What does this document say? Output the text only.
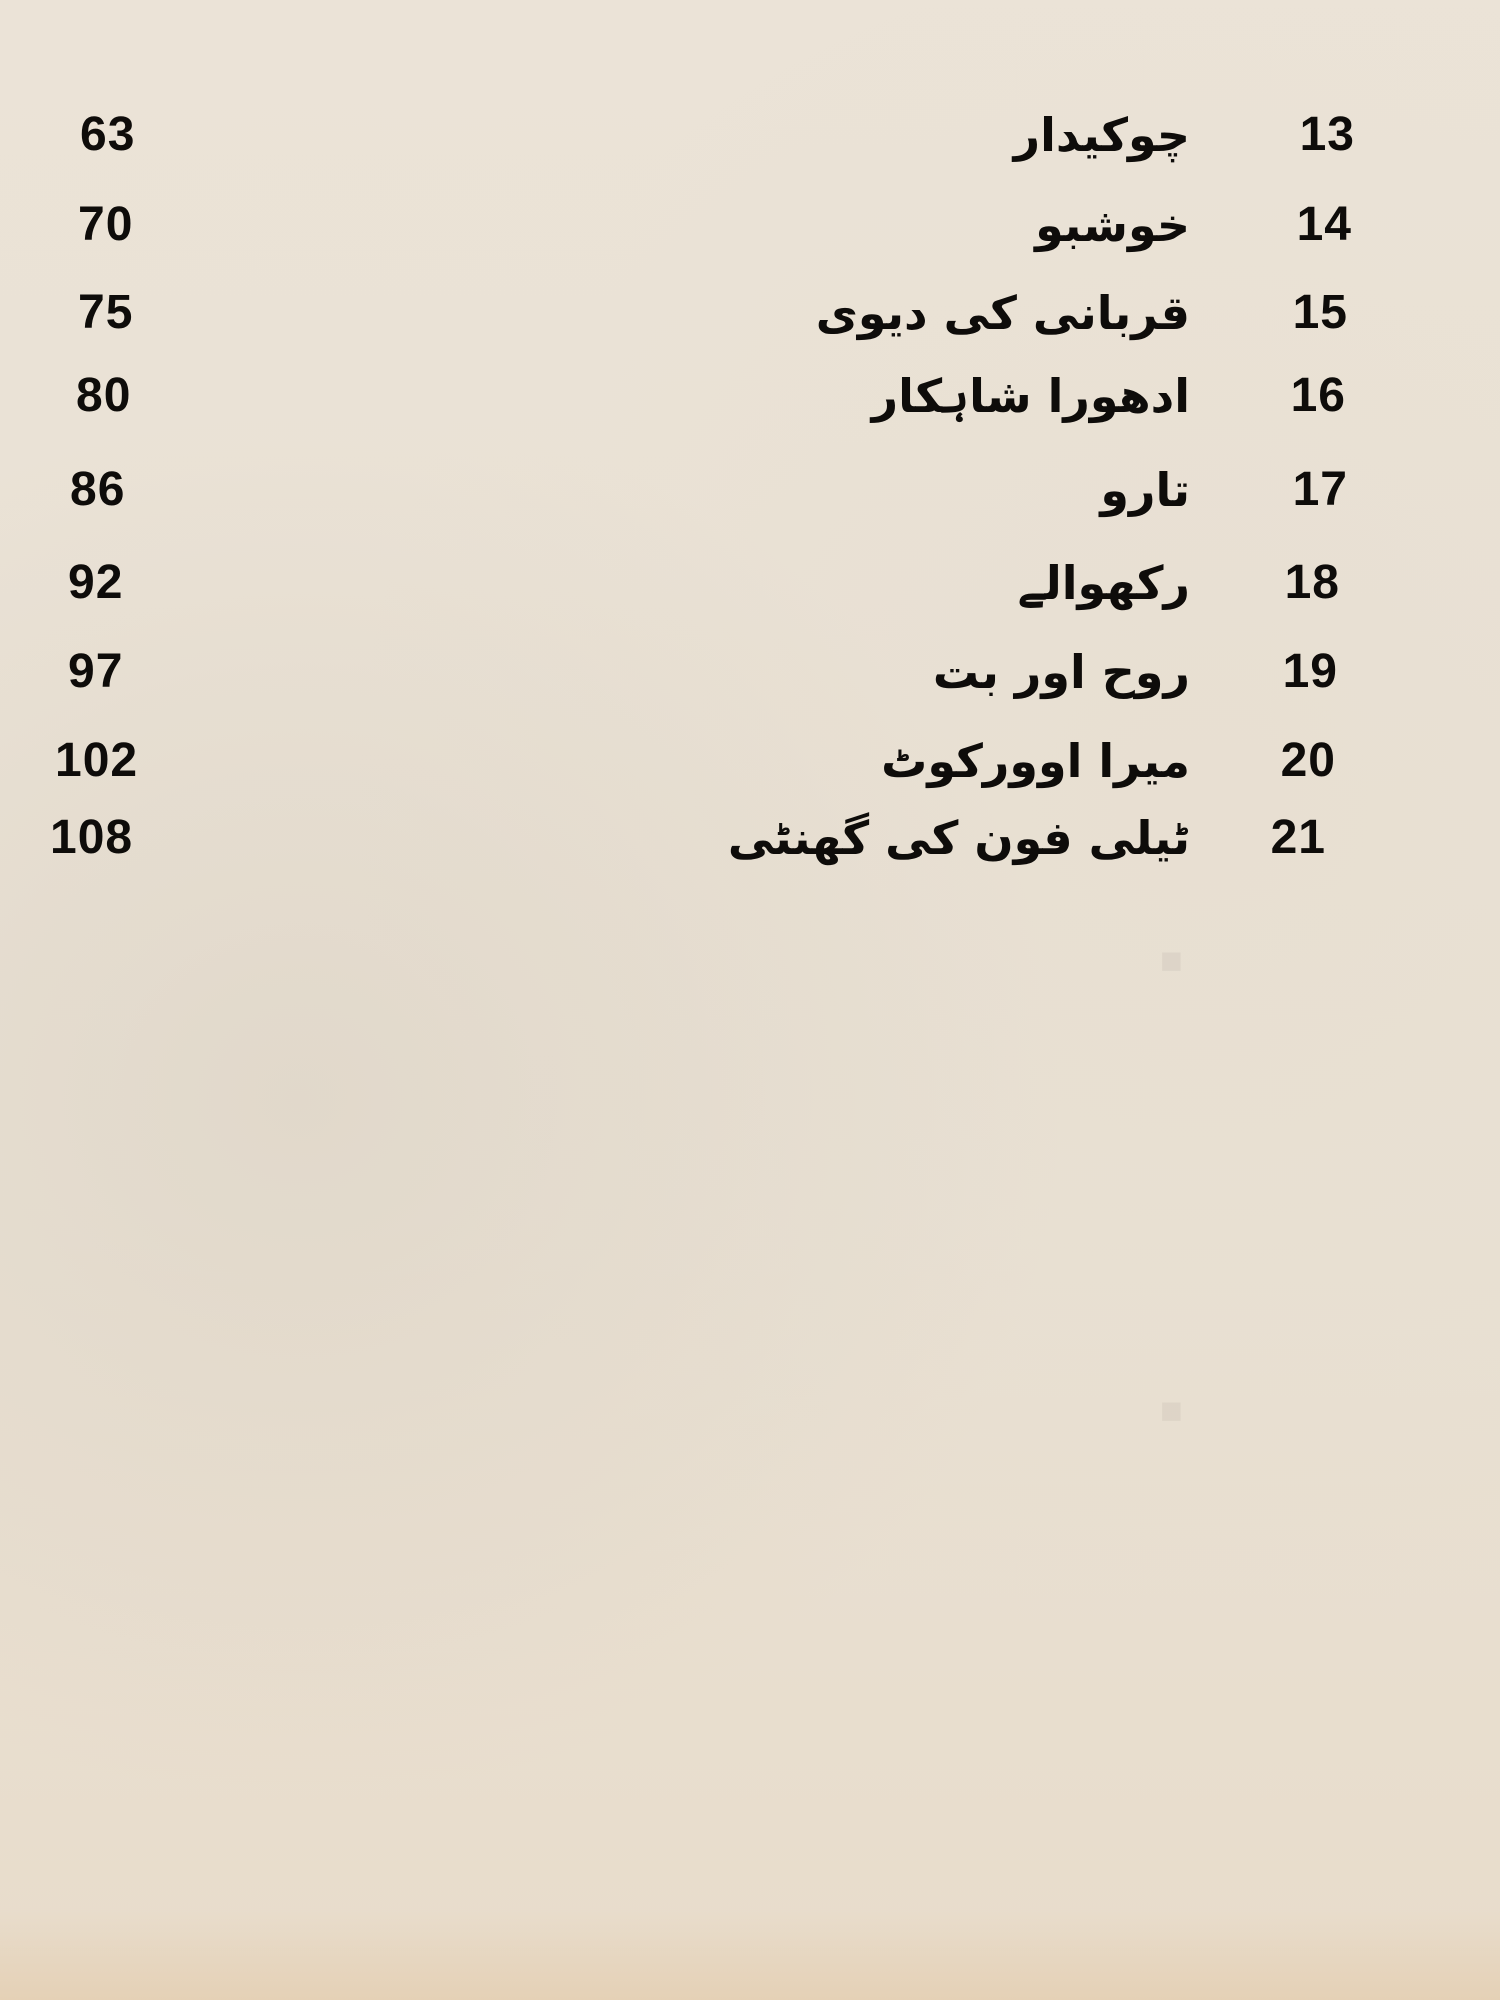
■
■
13
چوکیدار
63
14
خوشبو
70
15
قربانی کی دیوی
75
16
ادھورا شاہکار
80
17
تارو
86
18
رکھوالے
92
19
روح اور بت
97
20
میرا اوورکوٹ
102
21
ٹیلی فون کی گھنٹی
108
